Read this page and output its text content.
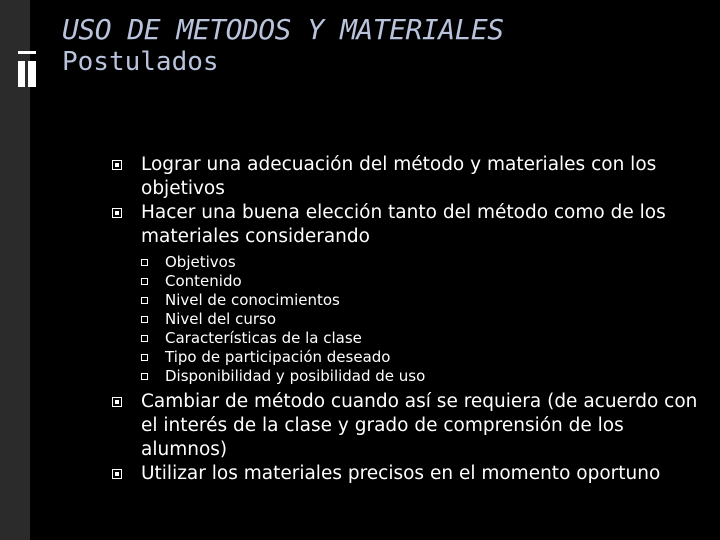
USO DE METODOS Y MATERIALES
Postulados
Lograr una adecuación del método y materiales con los objetivos
Hacer una buena elección tanto del método como de los materiales considerando
Objetivos
Contenido
Nivel de conocimientos
Nivel del curso
Características de la clase
Tipo de participación deseado
Disponibilidad y posibilidad de uso
Cambiar de método cuando así se requiera (de acuerdo con el interés de la clase y grado de comprensión de los alumnos)
Utilizar los materiales precisos en el momento oportuno
